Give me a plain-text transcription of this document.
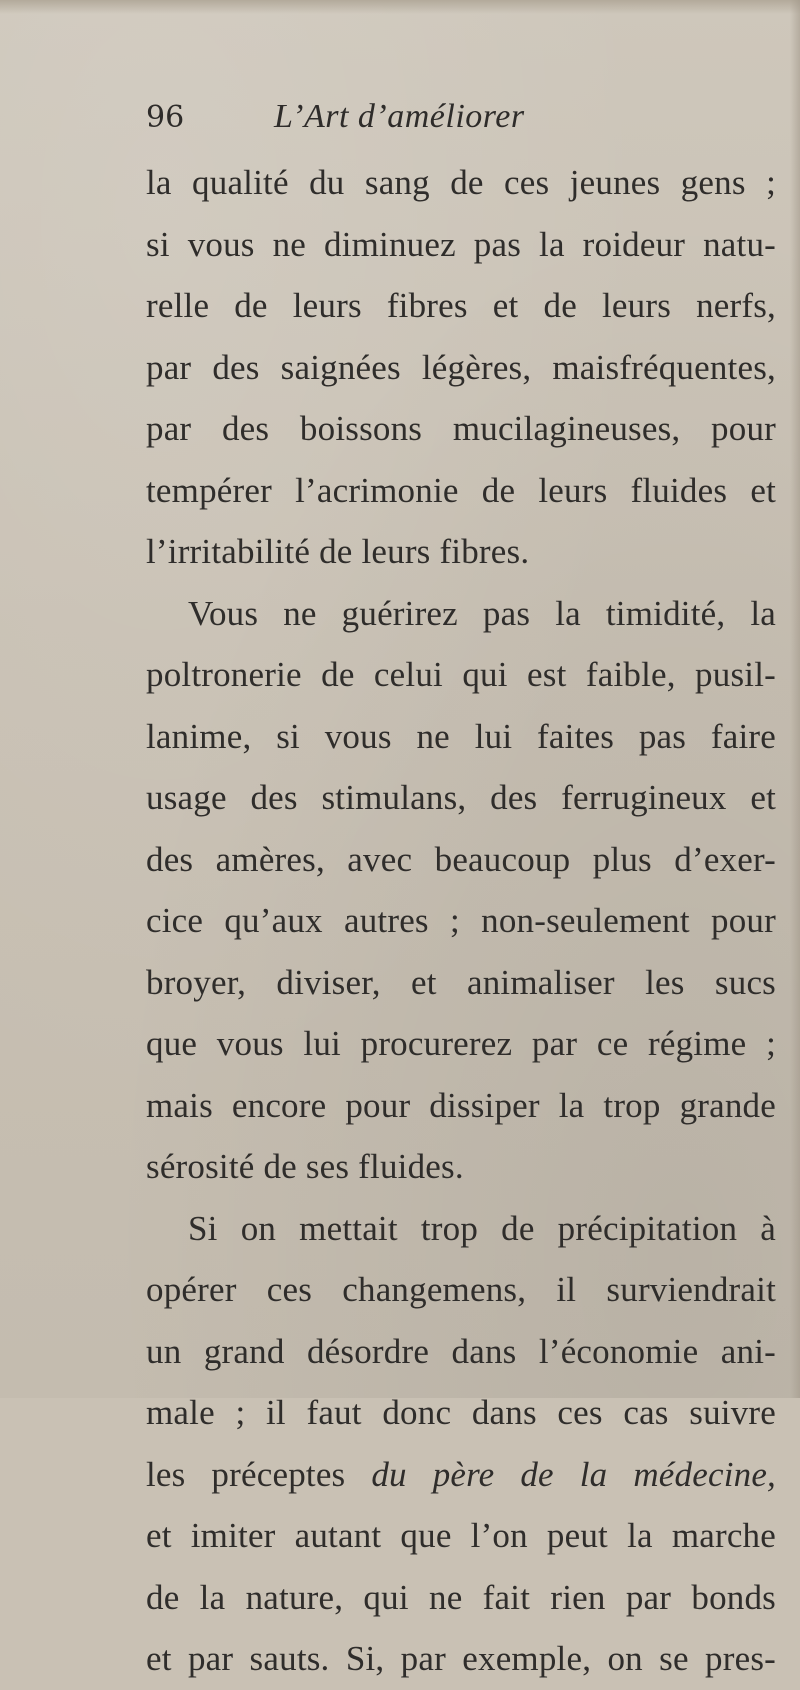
96	L’Art d’améliorer
la qualité du sang de ces jeunes gens ;
si vous ne diminuez pas la roideur natu-
relle de leurs fibres et de leurs nerfs,
par des saignées légères, maisfréquentes,
par des boissons mucilagineuses, pour
tempérer l’acrimonie de leurs fluides et
l’irritabilité de leurs fibres.
Vous ne guérirez pas la timidité, la
poltronerie de celui qui est faible, pusil-
lanime, si vous ne lui faites pas faire
usage des stimulans, des ferrugineux et
des amères, avec beaucoup plus d’exer-
cice qu’aux autres ; non-seulement pour
broyer, diviser, et animaliser les sucs
que vous lui procurerez par ce régime ;
mais encore pour dissiper la trop grande
sérosité de ses fluides.
Si on mettait trop de précipitation à
opérer ces changemens, il surviendrait
un grand désordre dans l’économie ani-
male ; il faut donc dans ces cas suivre
les préceptes du père de la médecine,
et imiter autant que l’on peut la marche
de la nature, qui ne fait rien par bonds
et par sauts. Si, par exemple, on se pres-
